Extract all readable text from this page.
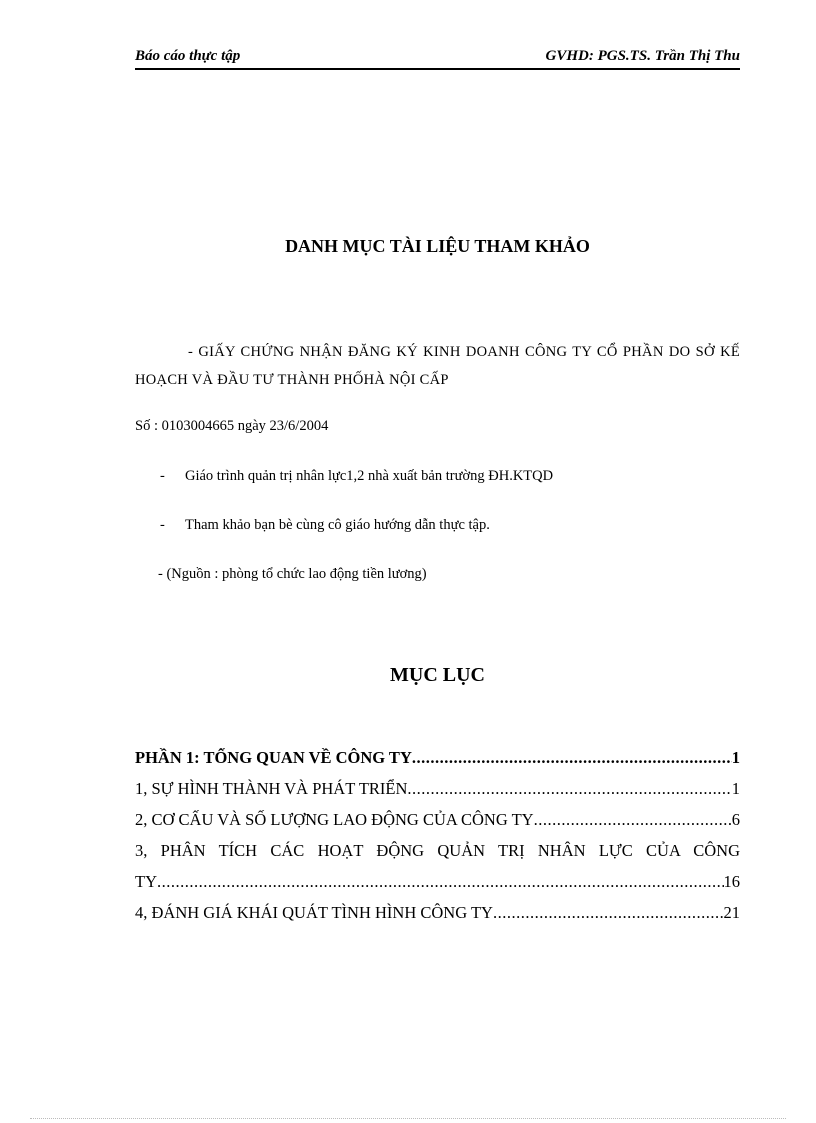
Báo cáo thực tập	GVHD: PGS.TS. Trần Thị Thu
DANH MỤC TÀI LIỆU THAM KHẢO
- GIẤY CHỨNG NHẬN ĐĂNG KÝ KINH DOANH CÔNG TY CỔ PHẦN DO SỞ KẾ HOẠCH VÀ ĐẦU TƯ THÀNH PHỐHÀ NỘI CẤP
Số : 0103004665 ngày 23/6/2004
- Giáo trình quản trị nhân lực1,2 nhà xuất bản trường ĐH.KTQD
- Tham khảo bạn bè cùng cô giáo hướng dẫn thực tập.
- (Nguồn : phòng tổ chức lao động tiền lương)
MỤC LỤC
PHẦN 1: TỔNG QUAN VỀ CÔNG TY .....	1
1, SỰ HÌNH THÀNH VÀ PHÁT TRIỂN .....	1
2, CƠ CẤU VÀ SỐ LƯỢNG LAO ĐỘNG CỦA CÔNG TY .....	6
3, PHÂN TÍCH CÁC HOẠT ĐỘNG QUẢN TRỊ NHÂN LỰC CỦA CÔNG
TY .....	16
4, ĐÁNH GIÁ KHÁI QUÁT TÌNH HÌNH CÔNG TY .....	21
